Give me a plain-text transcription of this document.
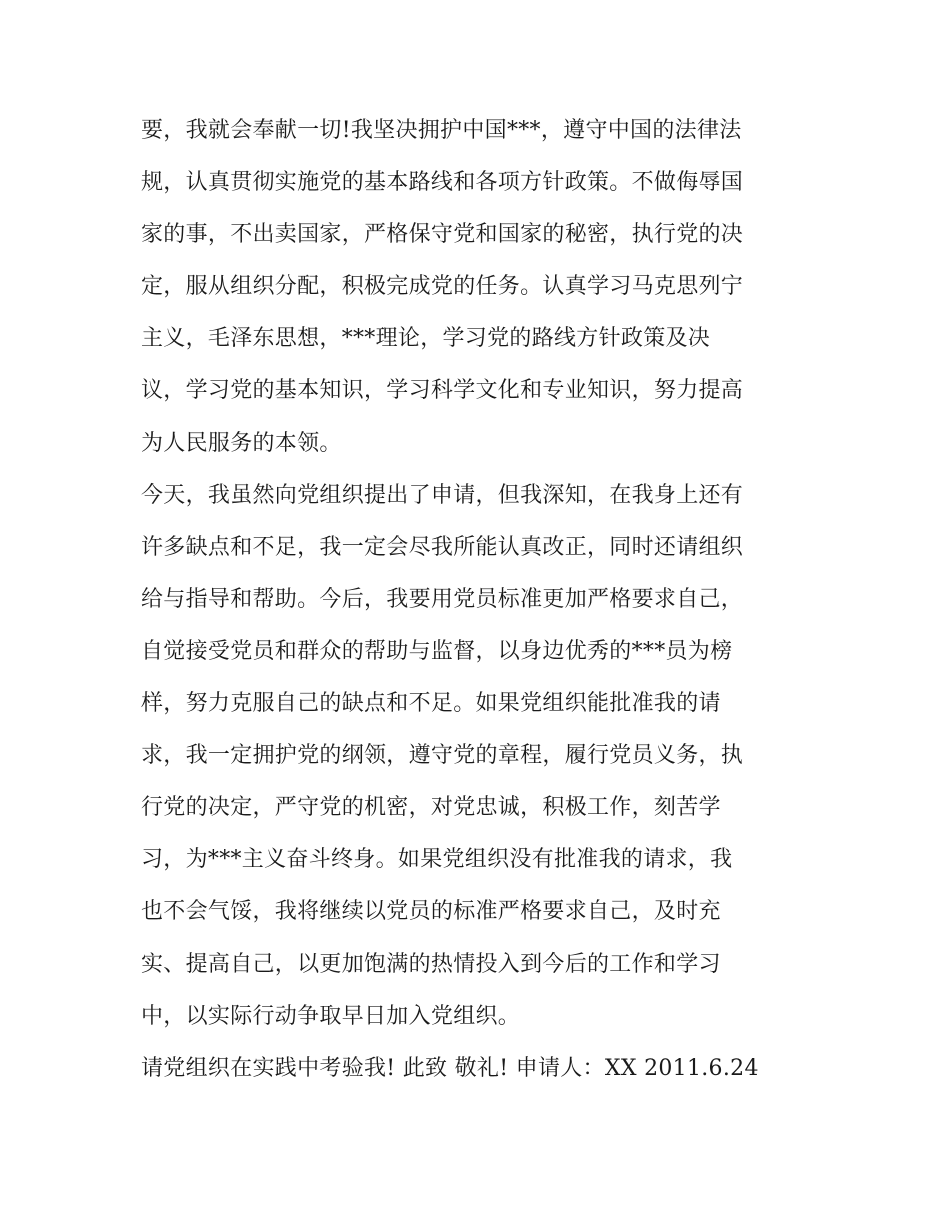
要，我就会奉献一切!我坚决拥护中国***，遵守中国的法律法
规，认真贯彻实施党的基本路线和各项方针政策。不做侮辱国
家的事，不出卖国家，严格保守党和国家的秘密，执行党的决
定，服从组织分配，积极完成党的任务。认真学习马克思列宁
主义，毛泽东思想，***理论，学习党的路线方针政策及决
议，学习党的基本知识，学习科学文化和专业知识，努力提高
为人民服务的本领。
今天，我虽然向党组织提出了申请，但我深知，在我身上还有
许多缺点和不足，我一定会尽我所能认真改正，同时还请组织
给与指导和帮助。今后，我要用党员标准更加严格要求自己，
自觉接受党员和群众的帮助与监督，以身边优秀的***员为榜
样，努力克服自己的缺点和不足。如果党组织能批准我的请
求，我一定拥护党的纲领，遵守党的章程，履行党员义务，执
行党的决定，严守党的机密，对党忠诚，积极工作，刻苦学
习，为***主义奋斗终身。如果党组织没有批准我的请求，我
也不会气馁，我将继续以党员的标准严格要求自己，及时充
实、提高自己，以更加饱满的热情投入到今后的工作和学习
中，以实际行动争取早日加入党组织。
请党组织在实践中考验我! 此致 敬礼! 申请人：XX 2011.6.24
